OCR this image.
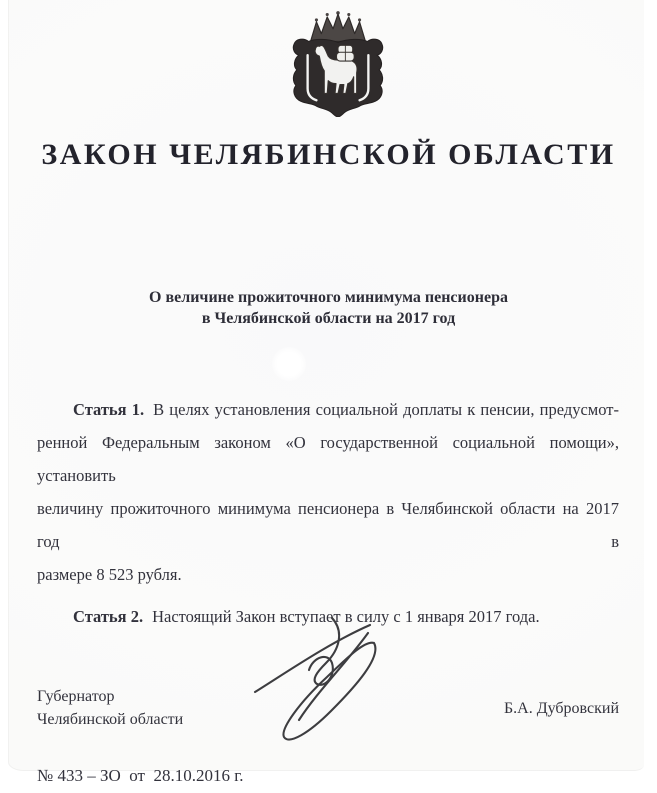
ЗАКОН ЧЕЛЯБИНСКОЙ ОБЛАСТИ
О величине прожиточного минимума пенсионера
в Челябинской области на 2017 год
Статья 1. В целях установления социальной доплаты к пенсии, предусмот-
ренной Федеральным законом «О государственной социальной помощи», установить
величину прожиточного минимума пенсионера в Челябинской области на 2017 год в
размере 8 523 рубля.
Статья 2. Настоящий Закон вступает в силу с 1 января 2017 года.
Губернатор
Челябинской области
Б.А. Дубровский
№ 433 – ЗО  от  28.10.2016 г.
